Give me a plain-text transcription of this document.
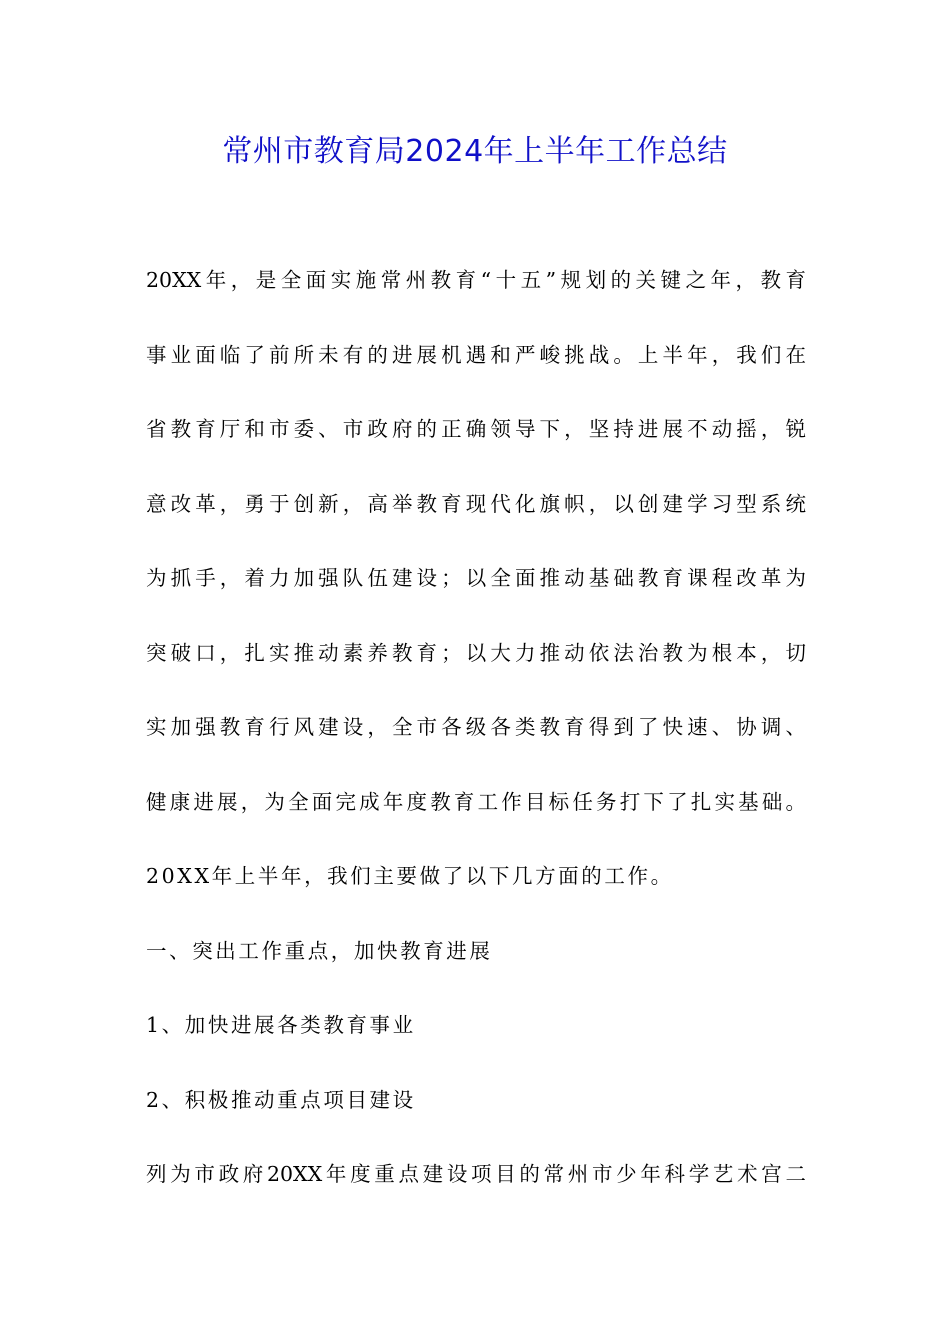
常州市教育局2024年上半年工作总结
20XX年，是全面实施常州教育“十五”规划的关键之年，教育
事业面临了前所未有的进展机遇和严峻挑战。上半年，我们在
省教育厅和市委、市政府的正确领导下，坚持进展不动摇，锐
意改革，勇于创新，高举教育现代化旗帜，以创建学习型系统
为抓手，着力加强队伍建设；以全面推动基础教育课程改革为
突破口，扎实推动素养教育；以大力推动依法治教为根本，切
实加强教育行风建设，全市各级各类教育得到了快速、协调、
健康进展，为全面完成年度教育工作目标任务打下了扎实基础。
20XX年上半年，我们主要做了以下几方面的工作。
一、突出工作重点，加快教育进展
1、加快进展各类教育事业
2、积极推动重点项目建设
列为市政府20XX年度重点建设项目的常州市少年科学艺术宫二
